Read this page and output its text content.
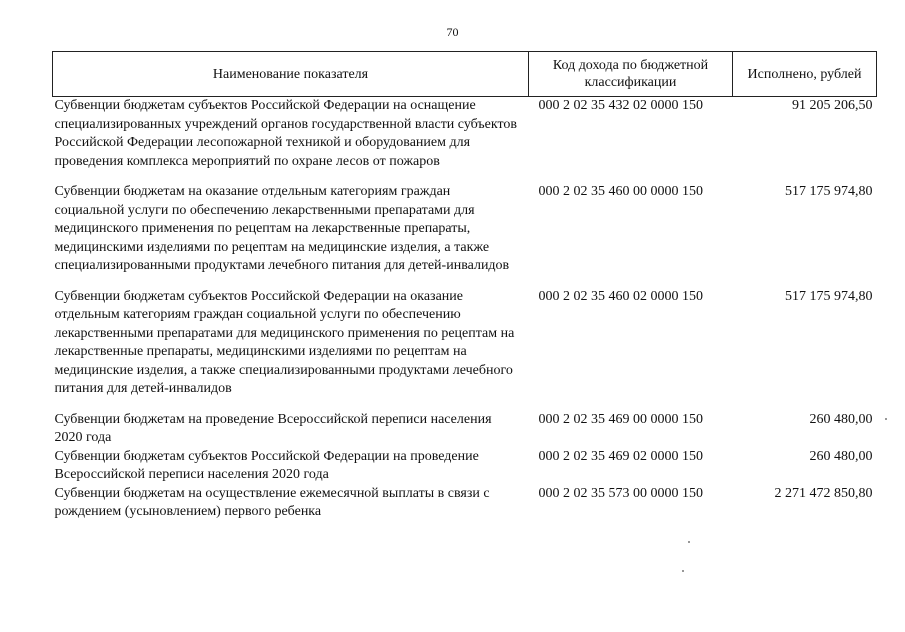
70
Наименование показателя	Код дохода по бюджетной классификации	Исполнено, рублей
Субвенции бюджетам субъектов Российской Федерации на оснащение специализированных учреждений органов государственной власти субъектов Российской Федерации лесопожарной техникой и оборудованием для проведения комплекса мероприятий по охране лесов от пожаров	000 2 02 35 432 02 0000 150	91 205 206,50
Субвенции бюджетам на оказание отдельным категориям граждан социальной услуги по обеспечению лекарственными препаратами для медицинского применения по рецептам на лекарственные препараты, медицинскими изделиями по рецептам на медицинские изделия, а также специализированными продуктами лечебного питания для детей-инвалидов	000 2 02 35 460 00 0000 150	517 175 974,80
Субвенции бюджетам субъектов Российской Федерации на оказание отдельным категориям граждан социальной услуги по обеспечению лекарственными препаратами для медицинского применения по рецептам на лекарственные препараты, медицинскими изделиями по рецептам на медицинские изделия, а также специализированными продуктами лечебного питания для детей-инвалидов	000 2 02 35 460 02 0000 150	517 175 974,80
Субвенции бюджетам на проведение Всероссийской переписи населения 2020 года	000 2 02 35 469 00 0000 150	260 480,00
Субвенции бюджетам субъектов Российской Федерации на проведение Всероссийской переписи населения 2020 года	000 2 02 35 469 02 0000 150	260 480,00
Субвенции бюджетам на осуществление ежемесячной выплаты в связи с рождением (усыновлением) первого ребенка	000 2 02 35 573 00 0000 150	2 271 472 850,80
